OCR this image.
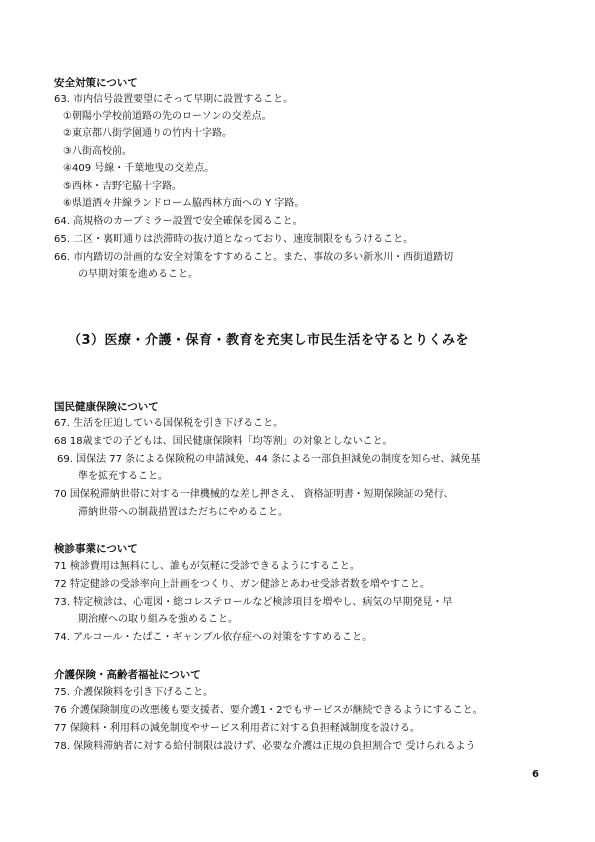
安全対策について
63. 市内信号設置要望にそって早期に設置すること。
①朝陽小学校前道路の先のローソンの交差点。
②東京都八街学園通りの竹内十字路。
③八街高校前。
④409 号線・千葉地曳の交差点。
⑤西林・吉野宅脇十字路。
⑥県道酒々井線ランドローム脇西林方面への Y 字路。
64. 高規格のカーブミラー設置で安全確保を図ること。
65. 二区・裏町通りは渋滞時の抜け道となっており、速度制限をもうけること。
66. 市内踏切の計画的な安全対策をすすめること。また、事故の多い新氷川・西街道踏切
の早期対策を進めること。
（3）医療・介護・保育・教育を充実し市民生活を守るとりくみを
国民健康保険について
67. 生活を圧迫している国保税を引き下げること。
68 18歳までの子どもは、国民健康保険料「均等割」の対象としないこと。
69. 国保法 77 条による保険税の申請減免、44 条による一部負担減免の制度を知らせ、減免基
準を拡充すること。
70 国保税滞納世帯に対する一律機械的な差し押さえ、 資格証明書・短期保険証の発行、
滞納世帯への制裁措置はただちにやめること。
検診事業について
71 検診費用は無料にし、誰もが気軽に受診できるようにすること。
72 特定健診の受診率向上計画をつくり、ガン健診とあわせ受診者数を増やすこと。
73. 特定検診は、心電図・総コレステロールなど検診項目を増やし、病気の早期発見・早
期治療への取り組みを強めること。
74. アルコール・たばこ・ギャンブル依存症への対策をすすめること。
介護保険・高齢者福祉について
75. 介護保険料を引き下げること。
76 介護保険制度の改悪後も要支援者、要介護1・2でもサービスが継続できるようにすること。
77 保険料・利用料の減免制度やサービス利用者に対する負担軽減制度を設ける。
78. 保険料滞納者に対する給付制限は設けず、必要な介護は正規の負担割合で 受けられるよう
6
